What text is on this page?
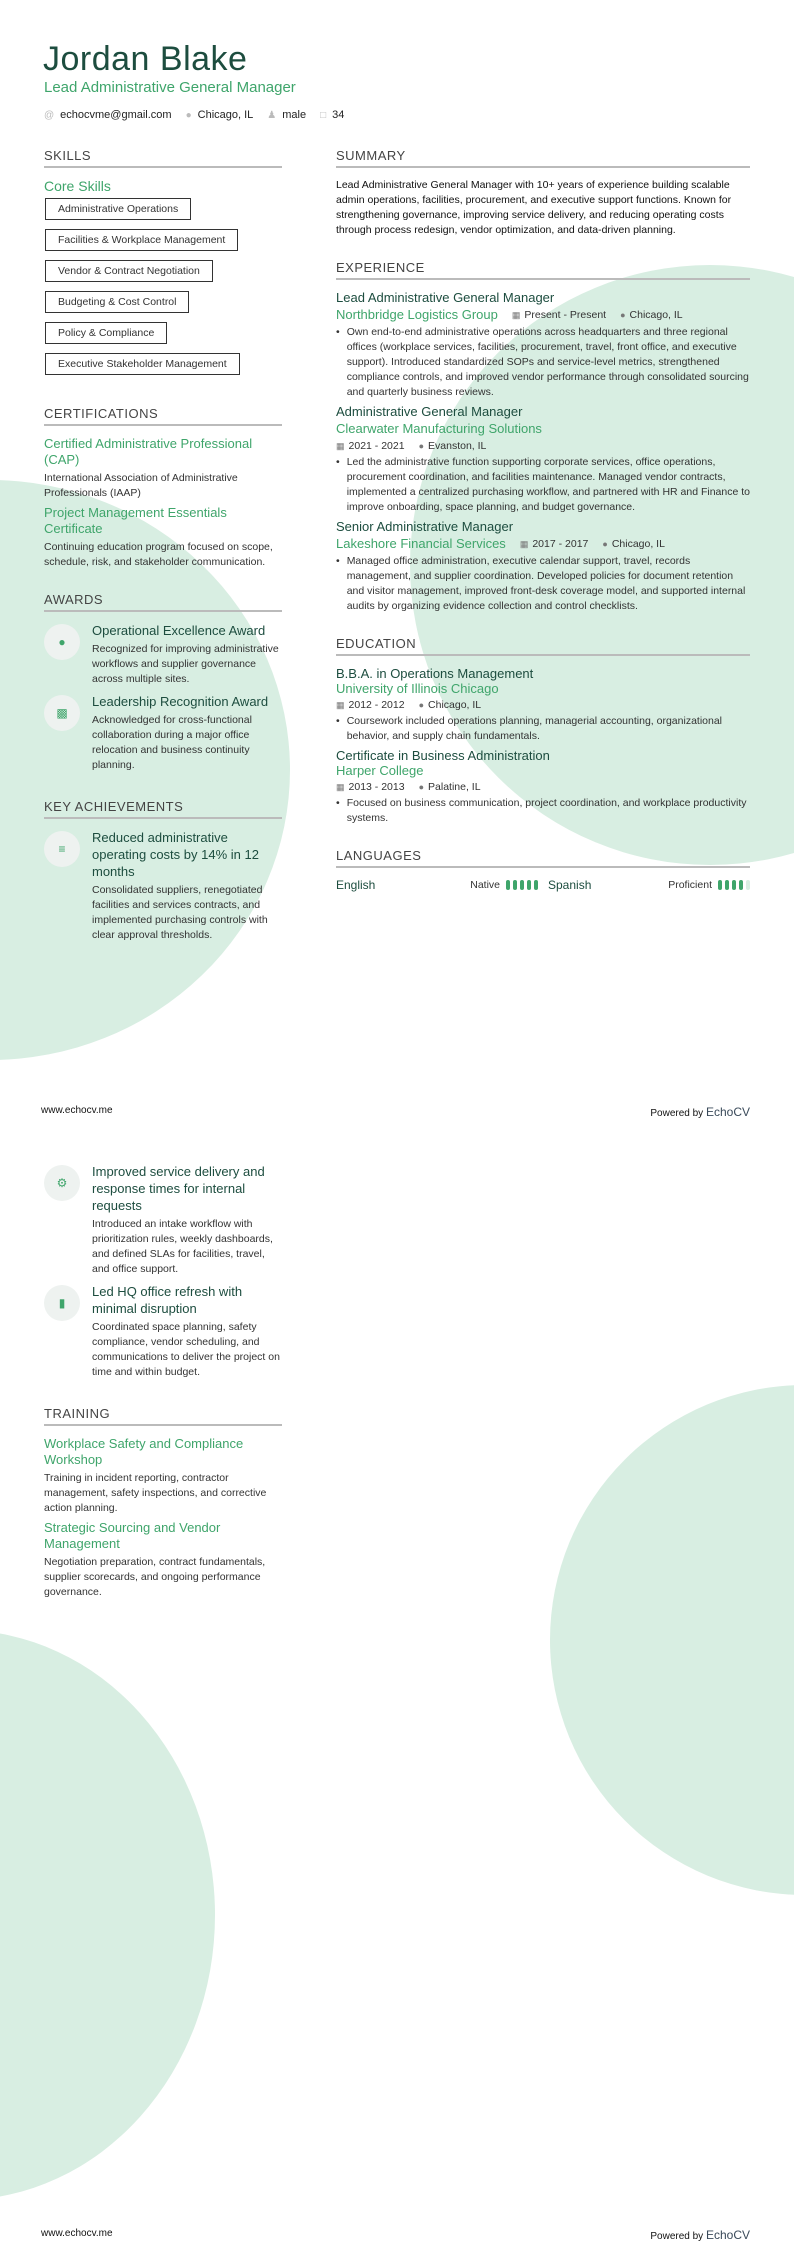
Jordan Blake
Lead Administrative General Manager
@ echocvme@gmail.com ● Chicago, IL ♟ male □ 34
SKILLS
Core Skills
Administrative Operations
Facilities & Workplace Management
Vendor & Contract Negotiation
Budgeting & Cost Control
Policy & Compliance
Executive Stakeholder Management
CERTIFICATIONS
Certified Administrative Professional (CAP)
International Association of Administrative Professionals (IAAP)
Project Management Essentials Certificate
Continuing education program focused on scope, schedule, risk, and stakeholder communication.
AWARDS
●
Operational Excellence Award
Recognized for improving administrative workflows and supplier governance across multiple sites.
▩
Leadership Recognition Award
Acknowledged for cross-functional collaboration during a major office relocation and business continuity planning.
KEY ACHIEVEMENTS
≡
Reduced administrative operating costs by 14% in 12 months
Consolidated suppliers, renegotiated facilities and services contracts, and implemented purchasing controls with clear approval thresholds.
SUMMARY
Lead Administrative General Manager with 10+ years of experience building scalable admin operations, facilities, procurement, and executive support functions. Known for strengthening governance, improving service delivery, and reducing operating costs through process redesign, vendor optimization, and data-driven planning.
EXPERIENCE
Lead Administrative General Manager
Northbridge Logistics Group ▦ Present - Present ● Chicago, IL
• Own end-to-end administrative operations across headquarters and three regional offices (workplace services, facilities, procurement, travel, front office, and executive support). Introduced standardized SOPs and service-level metrics, strengthened compliance controls, and improved vendor performance through consolidated sourcing and quarterly business reviews.
Administrative General Manager
Clearwater Manufacturing Solutions
▦ 2021 - 2021 ● Evanston, IL
• Led the administrative function supporting corporate services, office operations, procurement coordination, and facilities maintenance. Managed vendor contracts, implemented a centralized purchasing workflow, and partnered with HR and Finance to improve onboarding, space planning, and budget governance.
Senior Administrative Manager
Lakeshore Financial Services ▦ 2017 - 2017 ● Chicago, IL
• Managed office administration, executive calendar support, travel, records management, and supplier coordination. Developed policies for document retention and visitor management, improved front-desk coverage model, and supported internal audits by organizing evidence collection and control checklists.
EDUCATION
B.B.A. in Operations Management
University of Illinois Chicago
▦ 2012 - 2012 ● Chicago, IL
• Coursework included operations planning, managerial accounting, organizational behavior, and supply chain fundamentals.
Certificate in Business Administration
Harper College
▦ 2013 - 2013 ● Palatine, IL
• Focused on business communication, project coordination, and workplace productivity systems.
LANGUAGES
English	Native	Spanish	Proficient
www.echocv.me	Powered by EchoCV
⚙
Improved service delivery and response times for internal requests
Introduced an intake workflow with prioritization rules, weekly dashboards, and defined SLAs for facilities, travel, and office support.
▮
Led HQ office refresh with minimal disruption
Coordinated space planning, safety compliance, vendor scheduling, and communications to deliver the project on time and within budget.
TRAINING
Workplace Safety and Compliance Workshop
Training in incident reporting, contractor management, safety inspections, and corrective action planning.
Strategic Sourcing and Vendor Management
Negotiation preparation, contract fundamentals, supplier scorecards, and ongoing performance governance.
www.echocv.me	Powered by EchoCV
